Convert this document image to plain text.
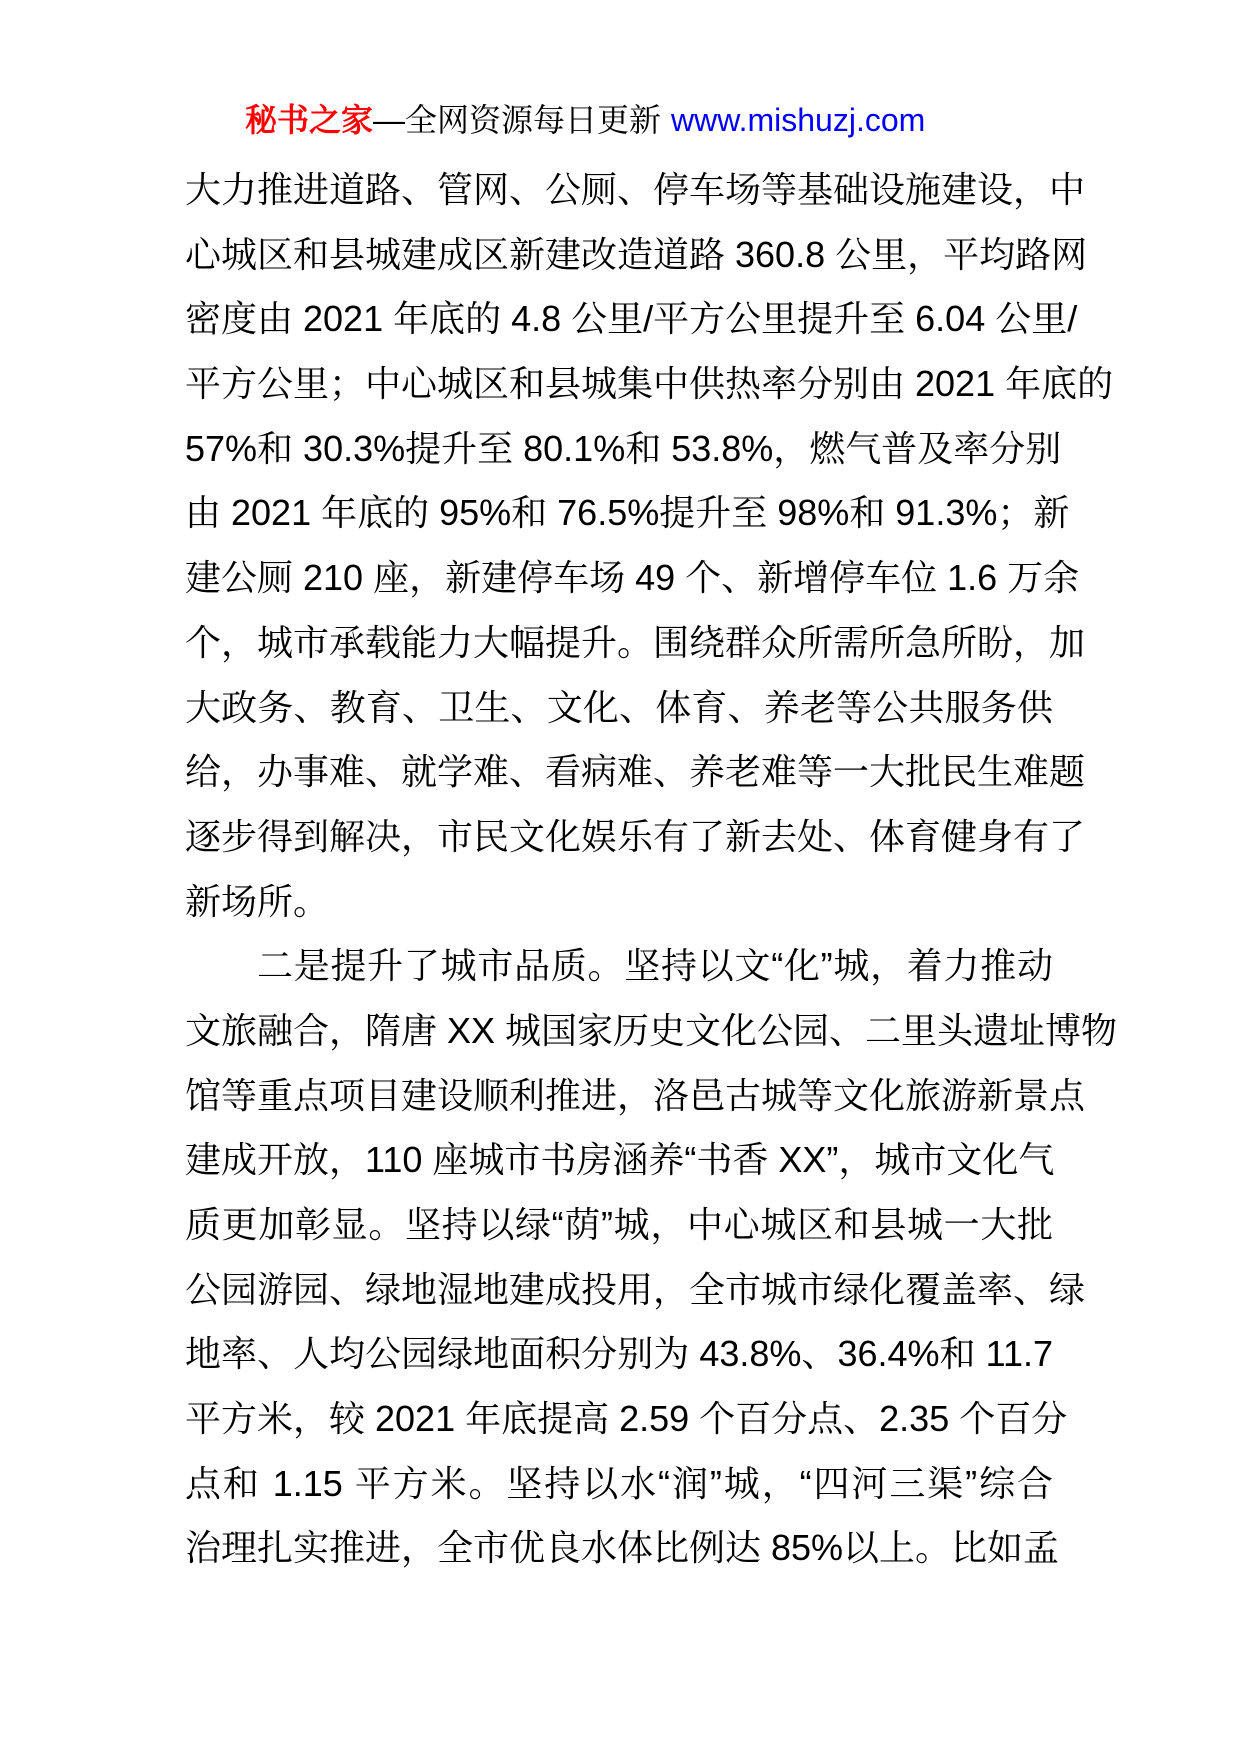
秘书之家—全网资源每日更新 www.mishuzj.com
大力推进道路、管网、公厕、停车场等基础设施建设，中
心城区和县城建成区新建改造道路 360.8 公里，平均路网
密度由 2021 年底的 4.8 公里/平方公里提升至 6.04 公里/
平方公里；中心城区和县城集中供热率分别由 2021 年底的
57%和 30.3%提升至 80.1%和 53.8%，燃气普及率分别
由 2021 年底的 95%和 76.5%提升至 98%和 91.3%；新
建公厕 210 座，新建停车场 49 个、新增停车位 1.6 万余
个，城市承载能力大幅提升。围绕群众所需所急所盼，加
大政务、教育、卫生、文化、体育、养老等公共服务供
给，办事难、就学难、看病难、养老难等一大批民生难题
逐步得到解决，市民文化娱乐有了新去处、体育健身有了
新场所。
二是提升了城市品质。坚持以文“化”城，着力推动
文旅融合，隋唐 XX 城国家历史文化公园、二里头遗址博物
馆等重点项目建设顺利推进，洛邑古城等文化旅游新景点
建成开放，110 座城市书房涵养“书香 XX”，城市文化气
质更加彰显。坚持以绿“荫”城，中心城区和县城一大批
公园游园、绿地湿地建成投用，全市城市绿化覆盖率、绿
地率、人均公园绿地面积分别为 43.8%、36.4%和 11.7
平方米，较 2021 年底提高 2.59 个百分点、2.35 个百分
点和 1.15 平方米。坚持以水“润”城，“四河三渠”综合
治理扎实推进，全市优良水体比例达 85%以上。比如孟
